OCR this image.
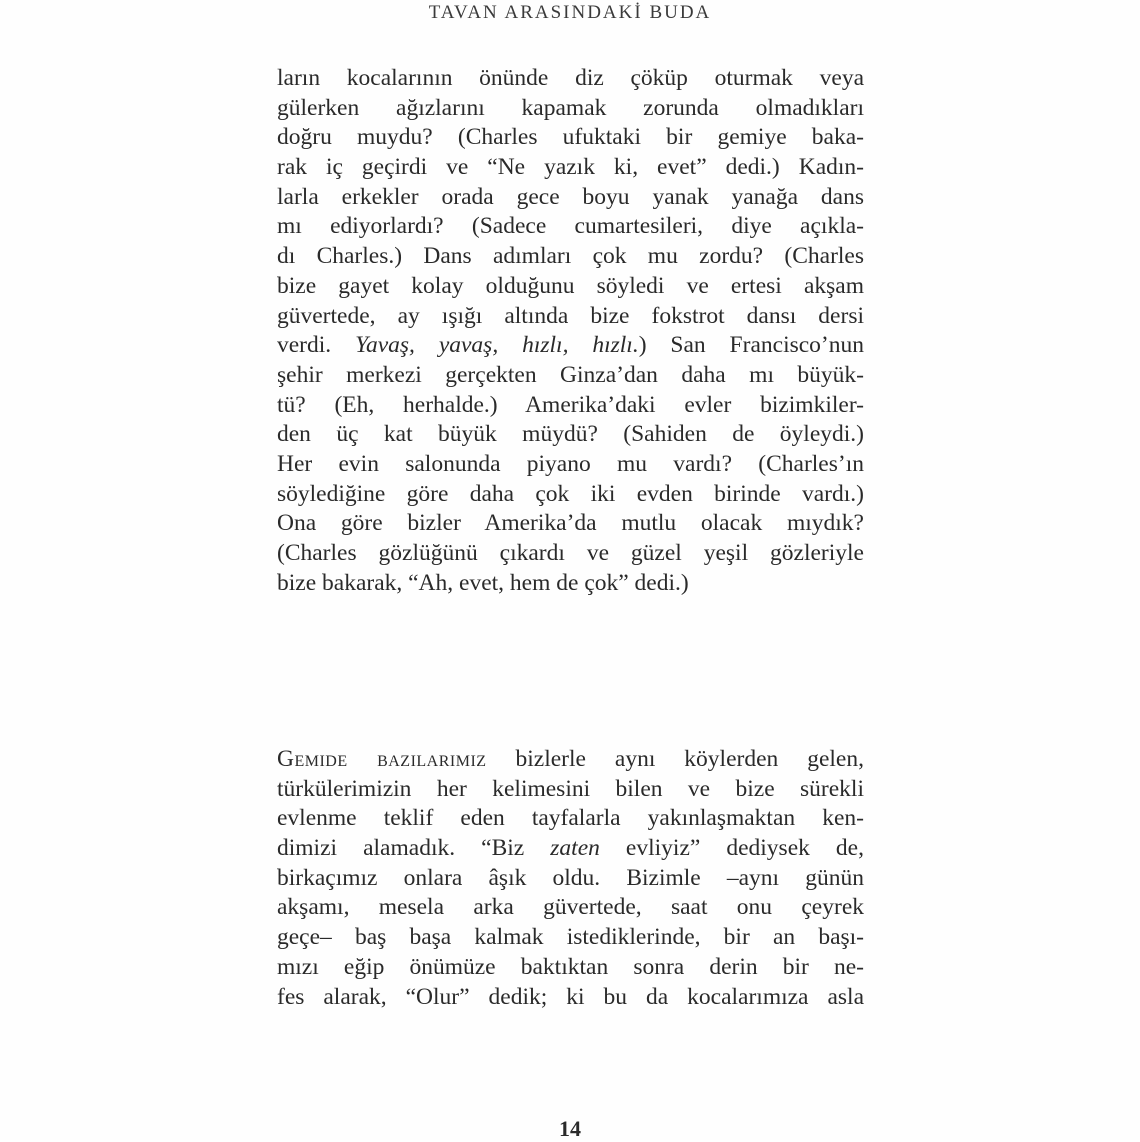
TAVAN ARASINDAKİ BUDA
ların kocalarının önünde diz çöküp oturmak veya
gülerken ağızlarını kapamak zorunda olmadıkları
doğru muydu? (Charles ufuktaki bir gemiye baka-
rak iç geçirdi ve “Ne yazık ki, evet” dedi.) Kadın-
larla erkekler orada gece boyu yanak yanağa dans
mı ediyorlardı? (Sadece cumartesileri, diye açıkla-
dı Charles.) Dans adımları çok mu zordu? (Charles
bize gayet kolay olduğunu söyledi ve ertesi akşam
güvertede, ay ışığı altında bize fokstrot dansı dersi
verdi. Yavaş, yavaş, hızlı, hızlı.) San Francisco’nun
şehir merkezi gerçekten Ginza’dan daha mı büyük-
tü? (Eh, herhalde.) Amerika’daki evler bizimkiler-
den üç kat büyük müydü? (Sahiden de öyleydi.)
Her evin salonunda piyano mu vardı? (Charles’ın
söylediğine göre daha çok iki evden birinde vardı.)
Ona göre bizler Amerika’da mutlu olacak mıydık?
(Charles gözlüğünü çıkardı ve güzel yeşil gözleriyle
bize bakarak, “Ah, evet, hem de çok” dedi.)
Gemide bazılarımız bizlerle aynı köylerden gelen,
türkülerimizin her kelimesini bilen ve bize sürekli
evlenme teklif eden tayfalarla yakınlaşmaktan ken-
dimizi alamadık. “Biz zaten evliyiz” dediysek de,
birkaçımız onlara âşık oldu. Bizimle –aynı günün
akşamı, mesela arka güvertede, saat onu çeyrek
geçe– baş başa kalmak istediklerinde, bir an başı-
mızı eğip önümüze baktıktan sonra derin bir ne-
fes alarak, “Olur” dedik; ki bu da kocalarımıza asla
14
